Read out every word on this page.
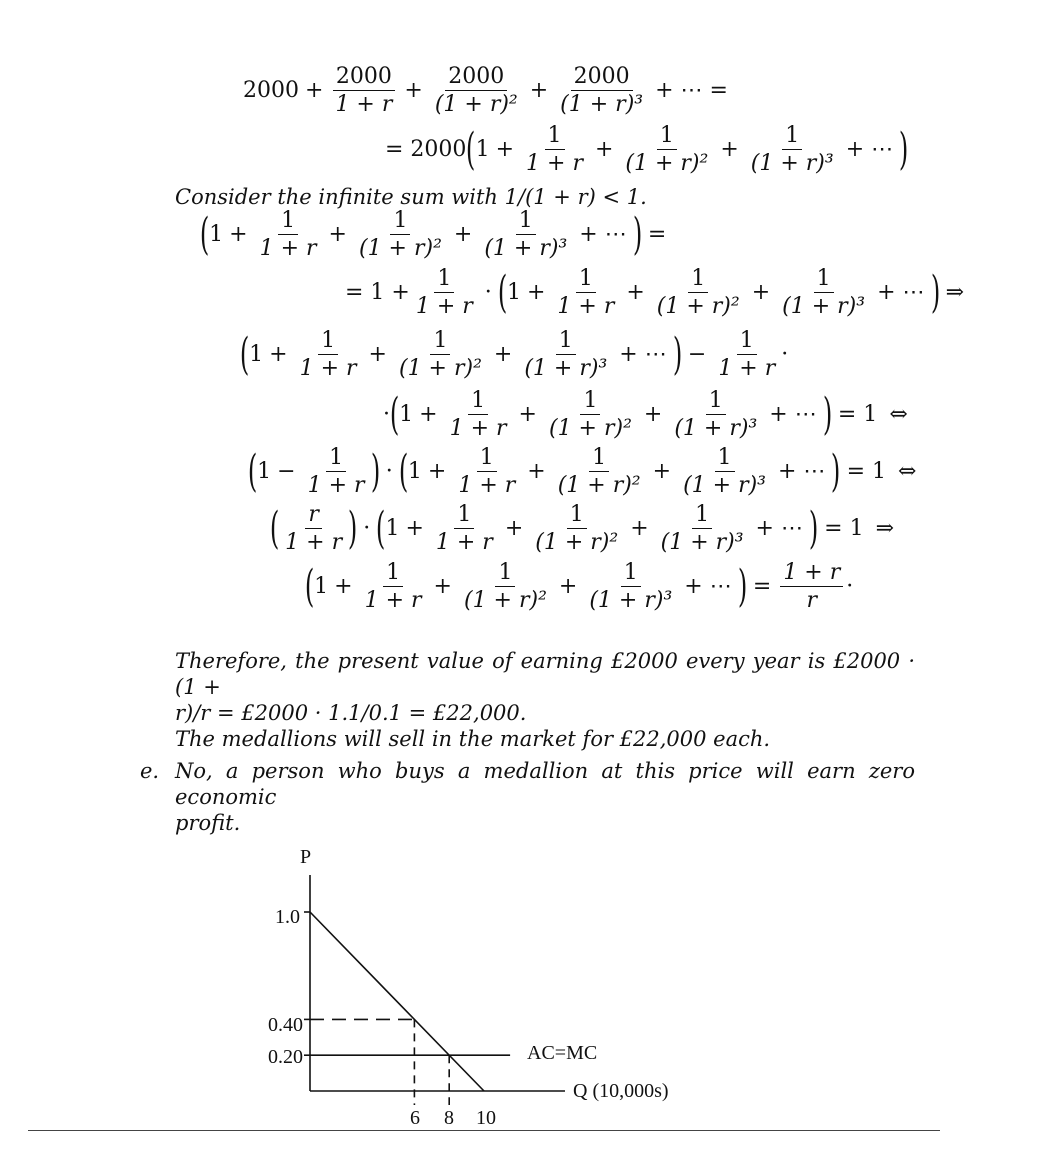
$2000 + \frac{2000}{1 + r} + \frac{2000}{\text{(1 + r)²}} + \frac{2000}{\text{(1 + r)³}}$ + ⋯ =
= 2000 ( $1 + \frac{1}{1 + r} + \frac{1}{\text{(1 + r)²}} + \frac{1}{\text{(1 + r)³}}$ + ⋯ )
Consider the infinite sum with 1/(1 + r) < 1.
( $1 + \frac{1}{1 + r} + \frac{1}{\text{(1 + r)²}} + \frac{1}{\text{(1 + r)³}}$ + ⋯ ) =
= $1 + \frac{1}{1 + r}$ · ( $1 + \frac{1}{1 + r} + \frac{1}{\text{(1 + r)²}} + \frac{1}{\text{(1 + r)³}}$ + ⋯ ) ⇒
( $1 + \frac{1}{1 + r} + \frac{1}{\text{(1 + r)²}} + \frac{1}{\text{(1 + r)³}}$ + ⋯ ) − $\frac{1}{1 + r}$ ·
· ( $1 + \frac{1}{1 + r} + \frac{1}{\text{(1 + r)²}} + \frac{1}{\text{(1 + r)³}}$ + ⋯ ) = 1 ⇔
( $1 - \frac{1}{1 + r}$ ) · ( $1 + \frac{1}{1 + r} + \frac{1}{\text{(1 + r)²}} + \frac{1}{\text{(1 + r)³}}$ + ⋯ ) = 1 ⇔
( $\frac{r}{1 + r}$ ) · ( $1 + \frac{1}{1 + r} + \frac{1}{\text{(1 + r)²}} + \frac{1}{\text{(1 + r)³}}$ + ⋯ ) = 1 ⇒
( $1 + \frac{1}{1 + r} + \frac{1}{\text{(1 + r)²}} + \frac{1}{\text{(1 + r)³}}$ + ⋯ ) = $\frac{1 + r}{r}$ ·
Therefore, the present value of earning £2000 every year is £2000 · (1 +
r)/r = £2000 · 1.1/0.1 = £22,000.
The medallions will sell in the market for £22,000 each.
e. No, a person who buys a medallion at this price will earn zero economic
profit.
P
Q (10,000s)
1.0
0.40
0.20
6 8 10
AC=MC
